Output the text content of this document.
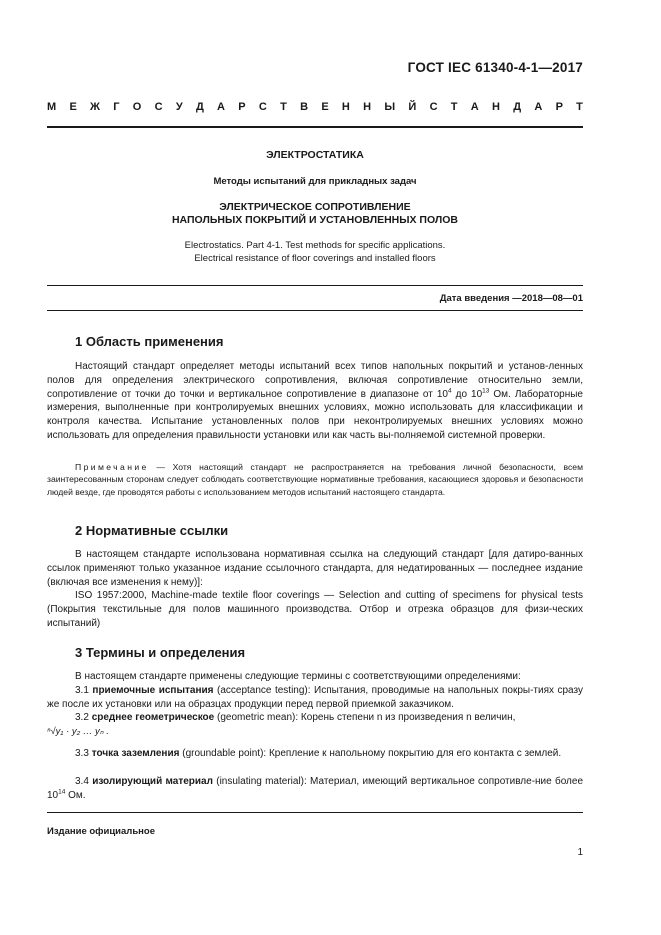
ГОСТ IEC 61340-4-1—2017
М Е Ж Г О С У Д А Р С Т В Е Н Н Ы Й С Т А Н Д А Р Т
ЭЛЕКТРОСТАТИКА
Методы испытаний для прикладных задач
ЭЛЕКТРИЧЕСКОЕ СОПРОТИВЛЕНИЕ
НАПОЛЬНЫХ ПОКРЫТИЙ И УСТАНОВЛЕННЫХ ПОЛОВ
Electrostatics. Part 4-1. Test methods for specific applications.
Electrical resistance of floor coverings and installed floors
Дата введения —2018—08—01
1 Область применения

Настоящий стандарт определяет методы испытаний всех типов напольных покрытий и установ-ленных полов для определения электрического сопротивления, включая сопротивление относительно земли, сопротивление от точки до точки и вертикальное сопротивление в диапазоне от $10^4$ до $10^{13}$ Ом. Лабораторные измерения, выполненные при контролируемых внешних условиях, можно использовать для классификации и контроля качества. Испытание установленных полов при неконтролируемых внешних условиях можно использовать для определения правильности установки или как часть вы-полняемой системной проверки.

Примечание — Хотя настоящий стандарт не распространяется на требования личной безопасности, всем заинтересованным сторонам следует соблюдать соответствующие нормативные требования, касающиеся здоровья и безопасности людей везде, где проводятся работы с использованием методов испытаний настоящего стандарта.

2 Нормативные ссылки

В настоящем стандарте использована нормативная ссылка на следующий стандарт [для датиро-ванных ссылок применяют только указанное издание ссылочного стандарта, для недатированных — последнее издание (включая все изменения к нему)]:

ISO 1957:2000, Machine-made textile floor coverings — Selection and cutting of specimens for physical tests (Покрытия текстильные для полов машинного производства. Отбор и отрезка образцов для физи-ческих испытаний)

3 Термины и определения

В настоящем стандарте применены следующие термины с соответствующими определениями:

3.1 приемочные испытания (acceptance testing): Испытания, проводимые на напольных покры-тиях сразу же после их установки или на образцах продукции перед первой приемкой заказчиком.

3.2 среднее геометрическое (geometric mean): Корень степени n из произведения n величин,

ⁿ√y₁ · y₂ … yₙ .

3.3 точка заземления (groundable point): Крепление к напольному покрытию для его контакта с землей.

3.4 изолирующий материал (insulating material): Материал, имеющий вертикальное сопротивле-ние более $10^{14}$ Ом.

Издание официальное
1
